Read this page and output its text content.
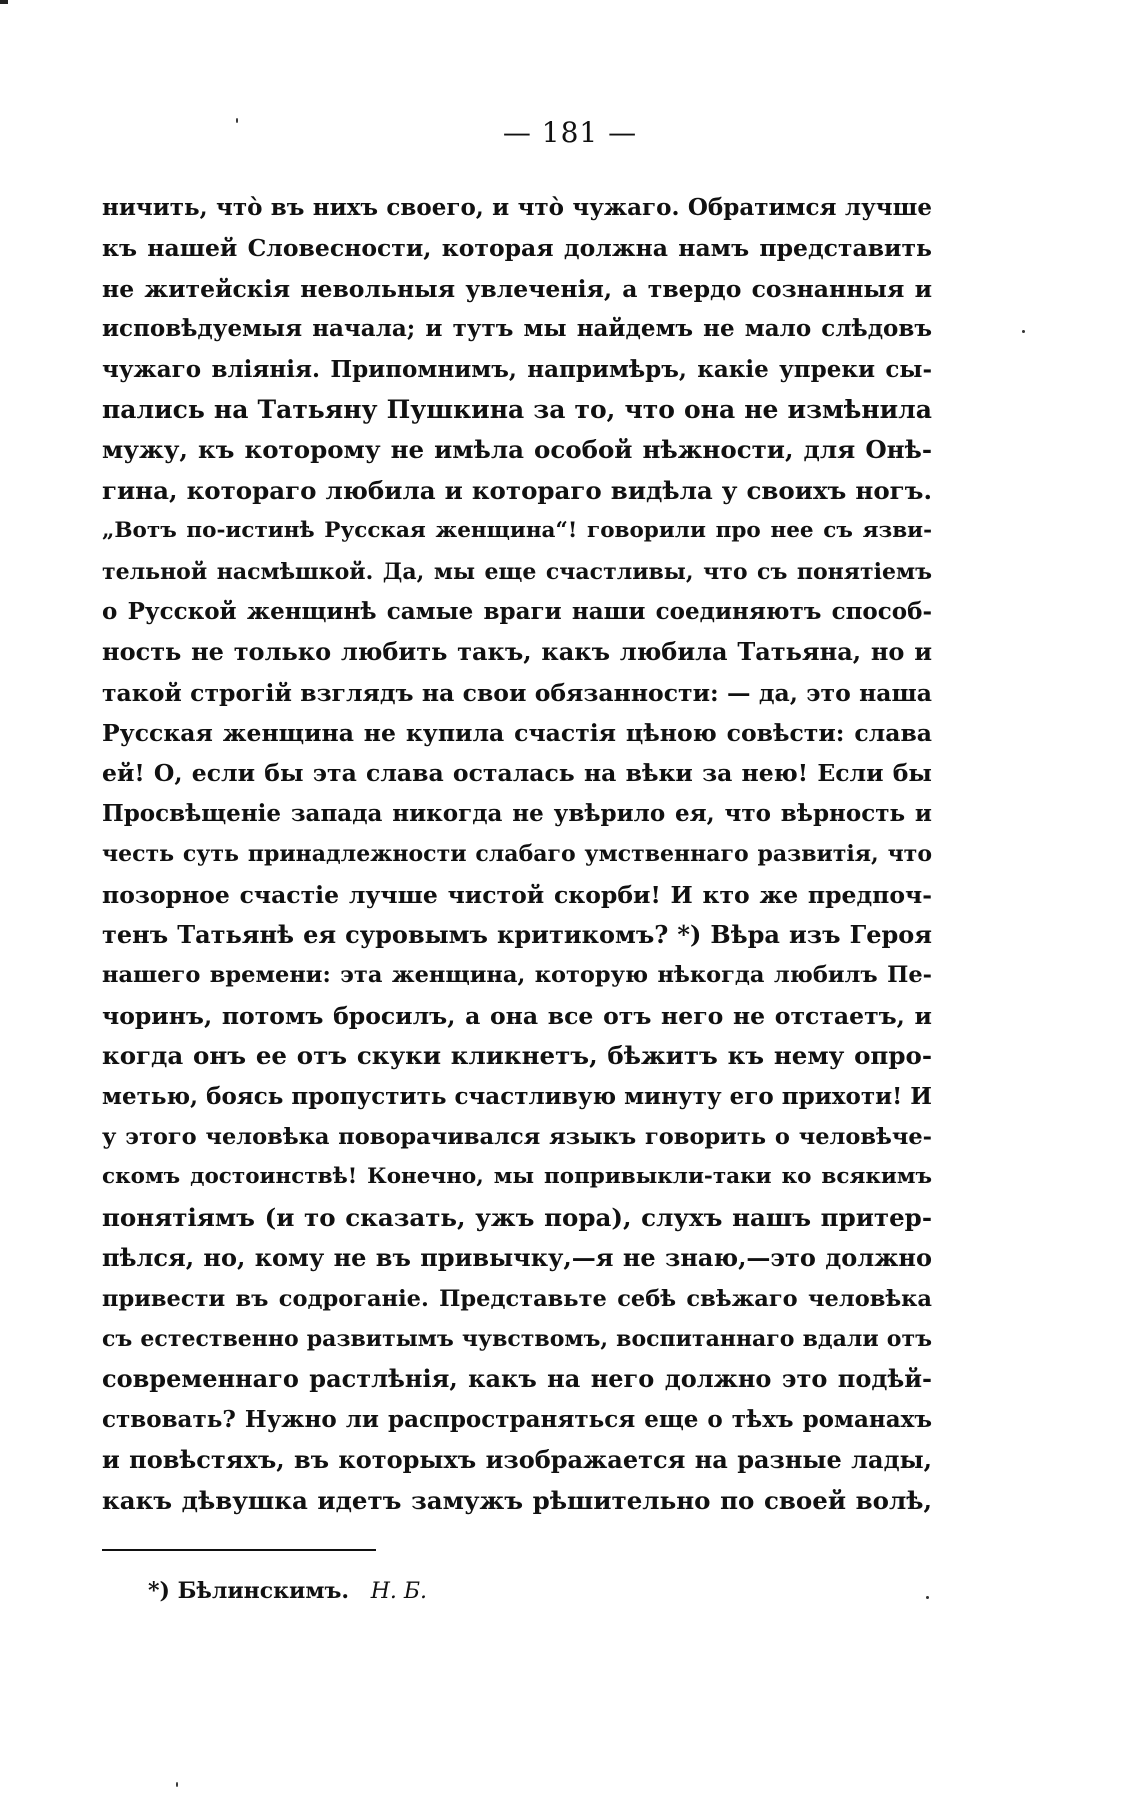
— 181 —
ничить, что̀ въ нихъ своего, и что̀ чужаго. Обратимся лучше
къ нашей Словесности, которая должна намъ представить
не житейскія невольныя увлеченія, а твердо сознанныя и
исповѣдуемыя начала; и тутъ мы найдемъ не мало слѣдовъ
чужаго вліянія. Припомнимъ, напримѣръ, какіе упреки сы-
пались на Татьяну Пушкина за то, что она не измѣнила
мужу, къ которому не имѣла особой нѣжности, для Онѣ-
гина, котораго любила и котораго видѣла у своихъ ногъ.
„Вотъ по-истинѣ Русская женщина“! говорили про нее съ язви-
тельной насмѣшкой. Да, мы еще счастливы, что съ понятіемъ
о Русской женщинѣ самые враги наши соединяютъ способ-
ность не только любить такъ, какъ любила Татьяна, но и
такой строгій взглядъ на свои обязанности: — да, это наша
Русская женщина не купила счастія цѣною совѣсти: слава
ей! О, если бы эта слава осталась на вѣки за нею! Если бы
Просвѣщеніе запада никогда не увѣрило ея, что вѣрность и
честь суть принадлежности слабаго умственнаго развитія, что
позорное счастіе лучше чистой скорби! И кто же предпоч-
тенъ Татьянѣ ея суровымъ критикомъ? *) Вѣра изъ Героя
нашего времени: эта женщина, которую нѣкогда любилъ Пе-
чоринъ, потомъ бросилъ, а она все отъ него не отстаетъ, и
когда онъ ее отъ скуки кликнетъ, бѣжитъ къ нему опро-
метью, боясь пропустить счастливую минуту его прихоти! И
у этого человѣка поворачивался языкъ говорить о человѣче-
скомъ достоинствѣ! Конечно, мы попривыкли-таки ко всякимъ
понятіямъ (и то сказать, ужъ пора), слухъ нашъ притер-
пѣлся, но, кому не въ привычку,—я не знаю,—это должно
привести въ содроганіе. Представьте себѣ свѣжаго человѣка
съ естественно развитымъ чувствомъ, воспитаннаго вдали отъ
современнаго растлѣнія, какъ на него должно это подѣй-
ствовать? Нужно ли распространяться еще о тѣхъ романахъ
и повѣстяхъ, въ которыхъ изображается на разные лады,
какъ дѣвушка идетъ замужъ рѣшительно по своей волѣ,
*) Бѣлинскимъ. Н. Б.
